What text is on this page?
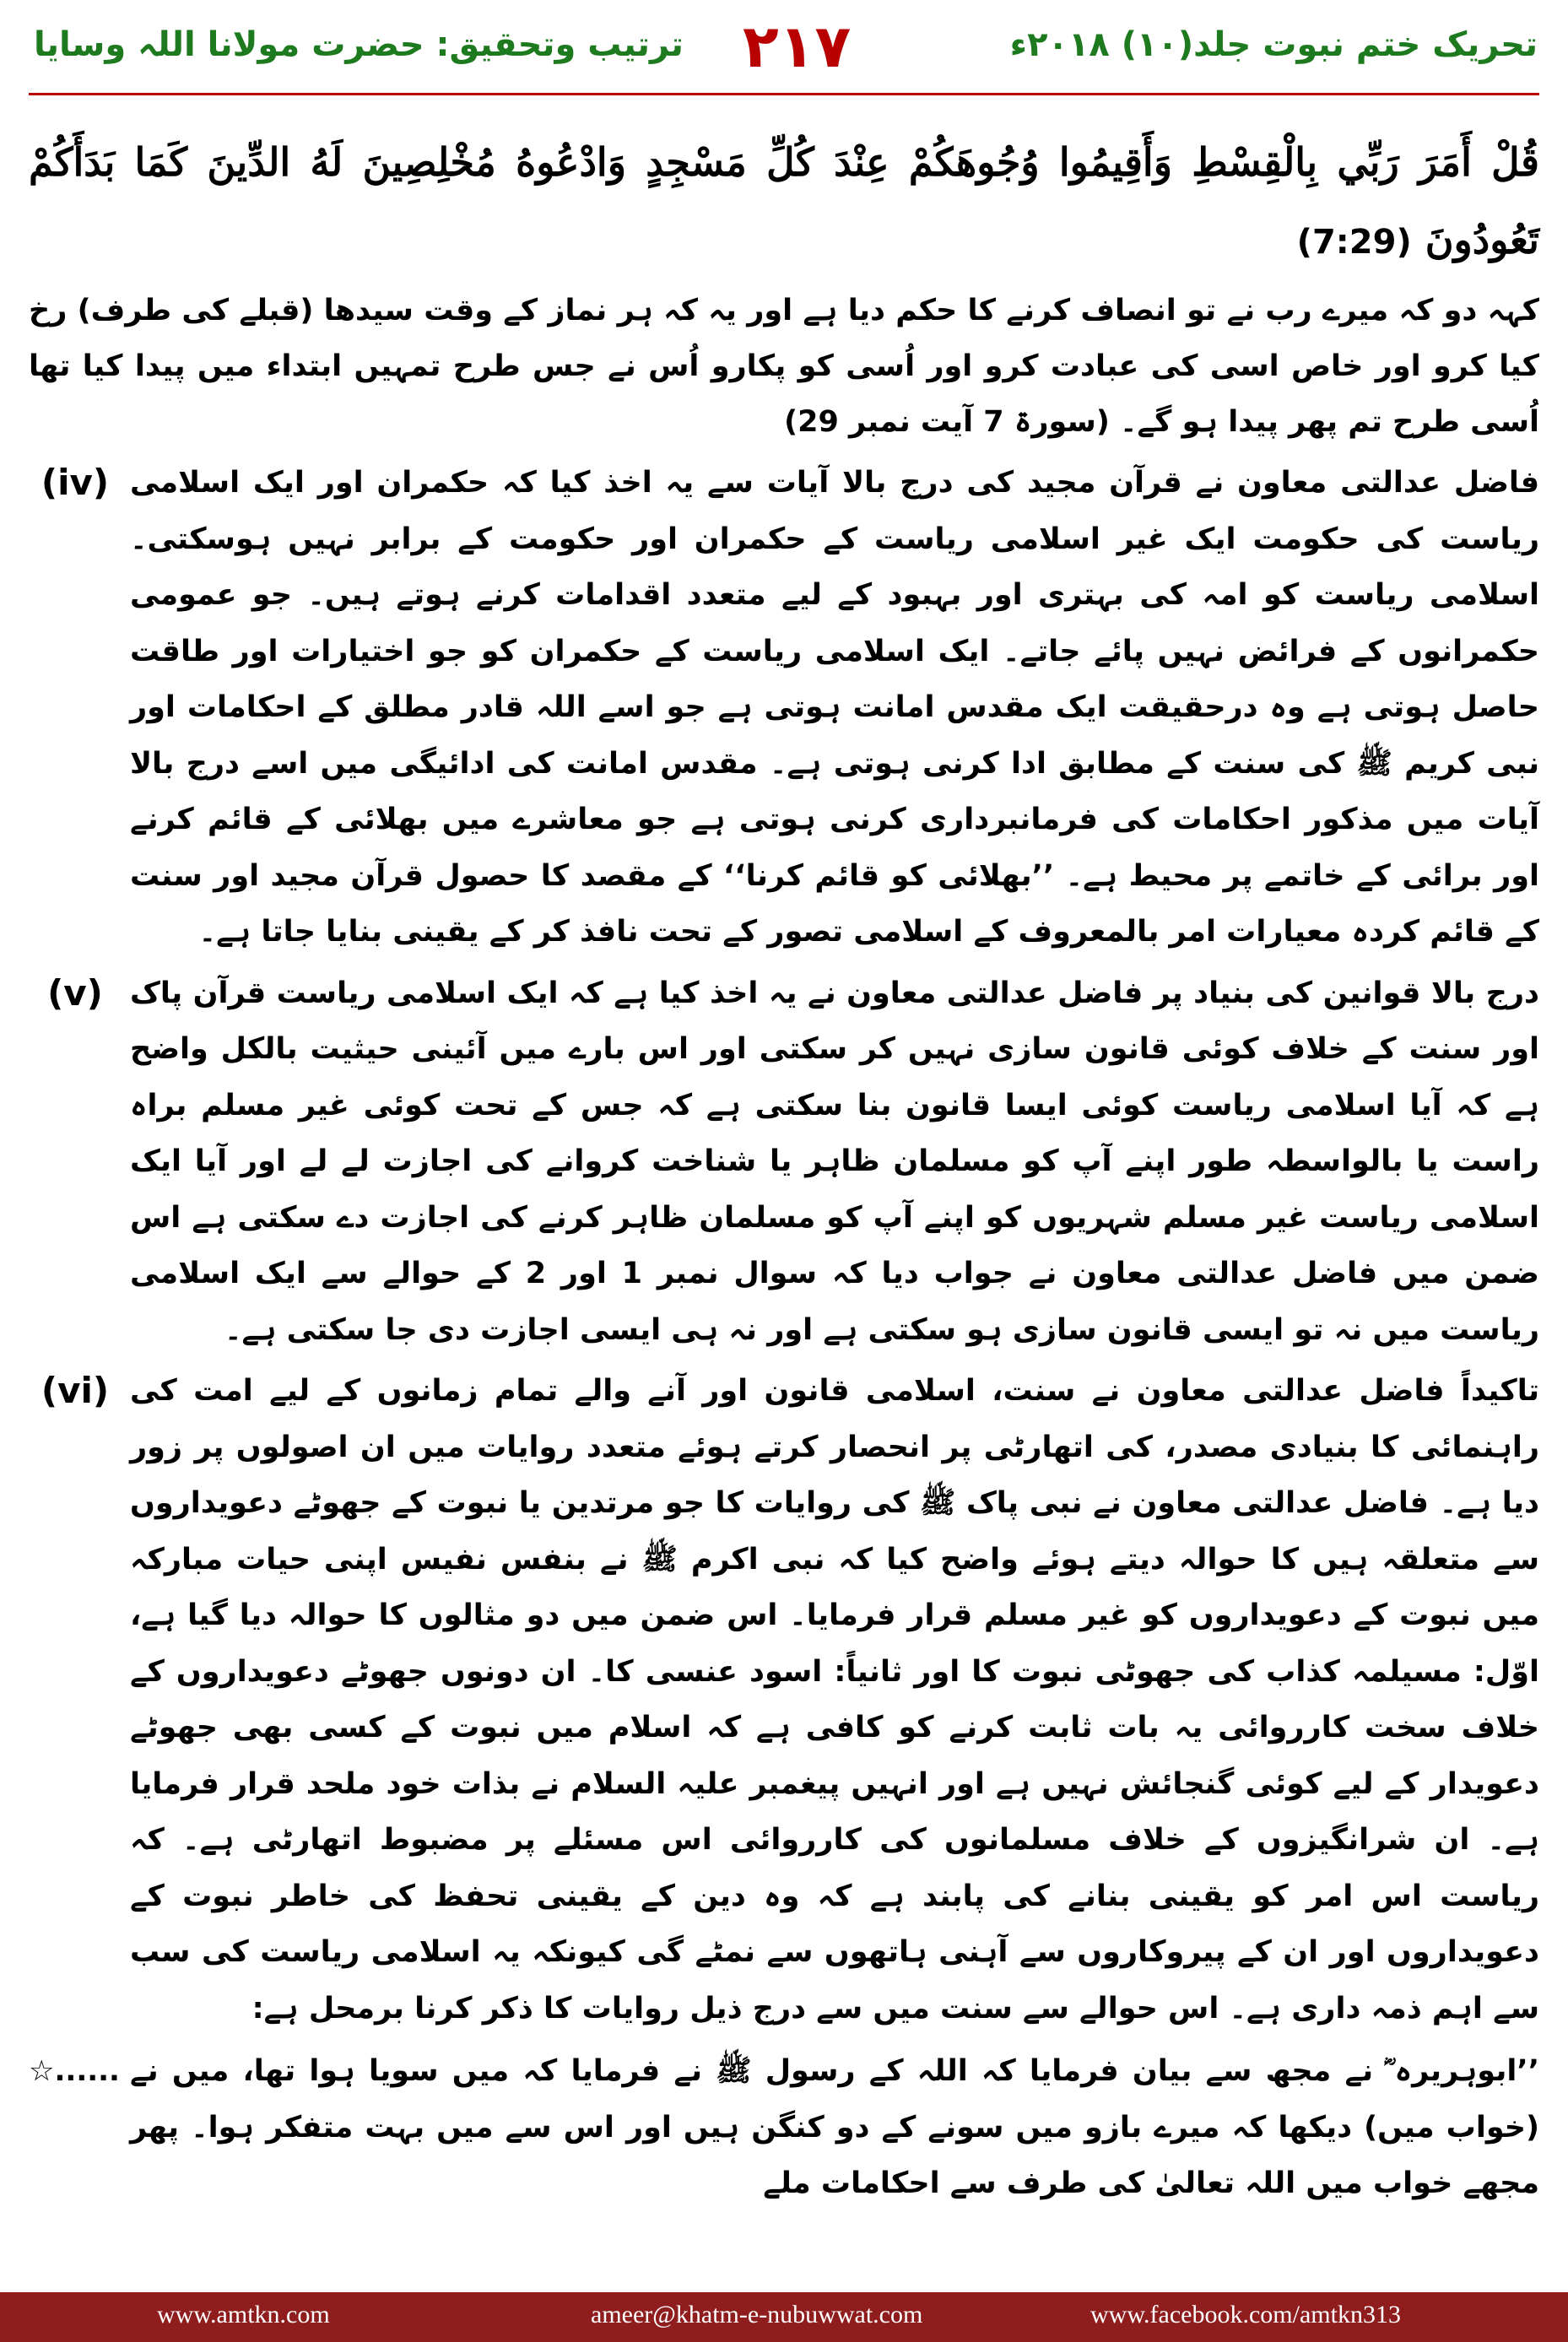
ترتیب وتحقیق: حضرت مولانا اللہ وسایا ۲۱۷	تحریک ختم نبوت جلد(۱۰) ۲۰۱۸ء

قُلْ أَمَرَ رَبِّي بِالْقِسْطِ وَأَقِيمُوا وُجُوهَكُمْ عِنْدَ كُلِّ مَسْجِدٍ وَادْعُوهُ مُخْلِصِينَ لَهُ الدِّينَ كَمَا بَدَأَكُمْ تَعُودُونَ (7:29)

کہہ دو کہ میرے رب نے تو انصاف کرنے کا حکم دیا ہے اور یہ کہ ہر نماز کے وقت سیدھا (قبلے کی طرف) رخ کیا کرو اور خاص اسی کی عبادت کرو اور اُسی کو پکارو اُس نے جس طرح تمہیں ابتداء میں پیدا کیا تھا اُسی طرح تم پھر پیدا ہو گے۔ (سورۃ 7 آیت نمبر 29)

(iv) فاضل عدالتی معاون نے قرآن مجید کی درج بالا آیات سے یہ اخذ کیا کہ حکمران اور ایک اسلامی ریاست کی حکومت ایک غیر اسلامی ریاست کے حکمران اور حکومت کے برابر نہیں ہوسکتی۔ اسلامی ریاست کو امہ کی بہتری اور بہبود کے لیے متعدد اقدامات کرنے ہوتے ہیں۔ جو عمومی حکمرانوں کے فرائض نہیں پائے جاتے۔ ایک اسلامی ریاست کے حکمران کو جو اختیارات اور طاقت حاصل ہوتی ہے وہ درحقیقت ایک مقدس امانت ہوتی ہے جو اسے اللہ قادر مطلق کے احکامات اور نبی کریم ﷺ کی سنت کے مطابق ادا کرنی ہوتی ہے۔ مقدس امانت کی ادائیگی میں اسے درج بالا آیات میں مذکور احکامات کی فرمانبرداری کرنی ہوتی ہے جو معاشرے میں بھلائی کے قائم کرنے اور برائی کے خاتمے پر محیط ہے۔ ’’بھلائی کو قائم کرنا‘‘ کے مقصد کا حصول قرآن مجید اور سنت کے قائم کردہ معیارات امر بالمعروف کے اسلامی تصور کے تحت نافذ کر کے یقینی بنایا جاتا ہے۔
(v) درج بالا قوانین کی بنیاد پر فاضل عدالتی معاون نے یہ اخذ کیا ہے کہ ایک اسلامی ریاست قرآن پاک اور سنت کے خلاف کوئی قانون سازی نہیں کر سکتی اور اس بارے میں آئینی حیثیت بالکل واضح ہے کہ آیا اسلامی ریاست کوئی ایسا قانون بنا سکتی ہے کہ جس کے تحت کوئی غیر مسلم براہ راست یا بالواسطہ طور اپنے آپ کو مسلمان ظاہر یا شناخت کروانے کی اجازت لے لے اور آیا ایک اسلامی ریاست غیر مسلم شہریوں کو اپنے آپ کو مسلمان ظاہر کرنے کی اجازت دے سکتی ہے اس ضمن میں فاضل عدالتی معاون نے جواب دیا کہ سوال نمبر 1 اور 2 کے حوالے سے ایک اسلامی ریاست میں نہ تو ایسی قانون سازی ہو سکتی ہے اور نہ ہی ایسی اجازت دی جا سکتی ہے۔
(vi) تاکیداً فاضل عدالتی معاون نے سنت، اسلامی قانون اور آنے والے تمام زمانوں کے لیے امت کی راہنمائی کا بنیادی مصدر، کی اتھارٹی پر انحصار کرتے ہوئے متعدد روایات میں ان اصولوں پر زور دیا ہے۔ فاضل عدالتی معاون نے نبی پاک ﷺ کی روایات کا جو مرتدین یا نبوت کے جھوٹے دعویداروں سے متعلقہ ہیں کا حوالہ دیتے ہوئے واضح کیا کہ نبی اکرم ﷺ نے بنفس نفیس اپنی حیات مبارکہ میں نبوت کے دعویداروں کو غیر مسلم قرار فرمایا۔ اس ضمن میں دو مثالوں کا حوالہ دیا گیا ہے، اوّل: مسیلمہ کذاب کی جھوٹی نبوت کا اور ثانیاً: اسود عنسی کا۔ ان دونوں جھوٹے دعویداروں کے خلاف سخت کارروائی یہ بات ثابت کرنے کو کافی ہے کہ اسلام میں نبوت کے کسی بھی جھوٹے دعویدار کے لیے کوئی گنجائش نہیں ہے اور انہیں پیغمبر علیہ السلام نے بذات خود ملحد قرار فرمایا ہے۔ ان شرانگیزوں کے خلاف مسلمانوں کی کارروائی اس مسئلے پر مضبوط اتھارٹی ہے۔ کہ ریاست اس امر کو یقینی بنانے کی پابند ہے کہ وہ دین کے یقینی تحفظ کی خاطر نبوت کے دعویداروں اور ان کے پیروکاروں سے آہنی ہاتھوں سے نمٹے گی کیونکہ یہ اسلامی ریاست کی سب سے اہم ذمہ داری ہے۔ اس حوالے سے سنت میں سے درج ذیل روایات کا ذکر کرنا برمحل ہے:
☆...... ’’ابوہریرہ ؓ نے مجھ سے بیان فرمایا کہ اللہ کے رسول ﷺ نے فرمایا کہ میں سویا ہوا تھا، میں نے (خواب میں) دیکھا کہ میرے بازو میں سونے کے دو کنگن ہیں اور اس سے میں بہت متفکر ہوا۔ پھر مجھے خواب میں اللہ تعالیٰ کی طرف سے احکامات ملے
www.amtkn.com	ameer@khatm-e-nubuwwat.com	www.facebook.com/amtkn313
